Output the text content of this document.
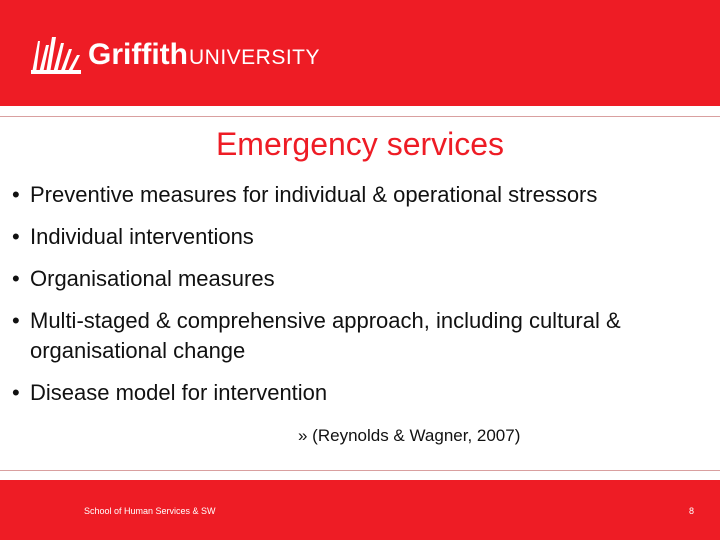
Griffith UNIVERSITY
Emergency services
• Preventive measures for individual & operational stressors
• Individual interventions
• Organisational measures
• Multi-staged & comprehensive approach, including cultural & organisational change
• Disease model for intervention
» (Reynolds & Wagner, 2007)
School of Human Services & SW	8
